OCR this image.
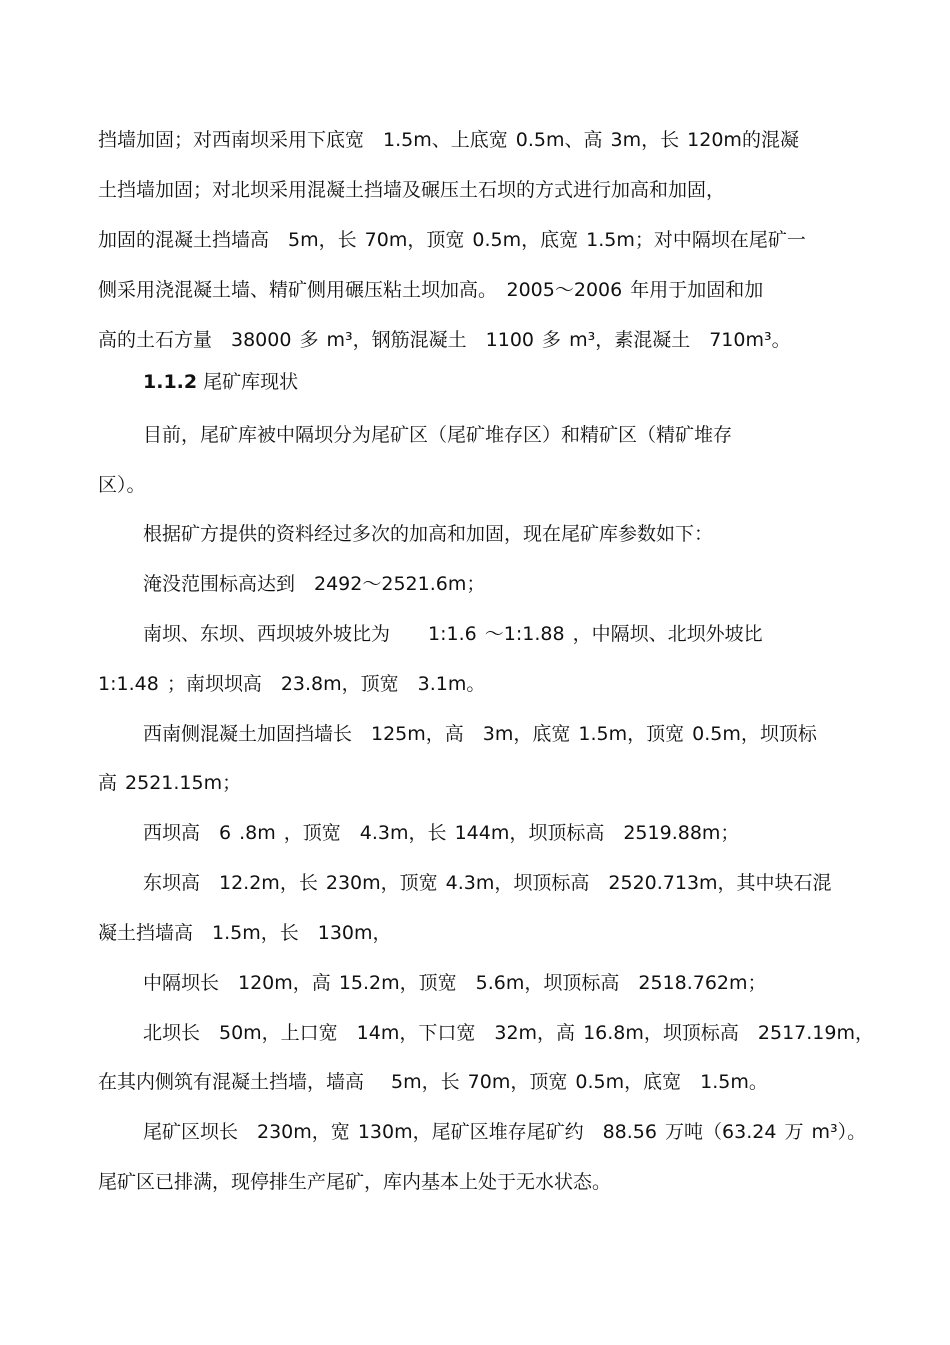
挡墙加固；对西南坝采用下底宽　1.5m、上底宽 0.5m、高 3m，长 120m的混凝
土挡墙加固；对北坝采用混凝土挡墙及碾压土石坝的方式进行加高和加固，
加固的混凝土挡墙高　5m，长 70m，顶宽 0.5m，底宽 1.5m；对中隔坝在尾矿一
侧采用浇混凝土墙、精矿侧用碾压粘土坝加高。　2005～2006 年用于加固和加
高的土石方量　38000 多 m³，钢筋混凝土　1100 多 m³，素混凝土　710m³。
1.1.2 尾矿库现状
目前，尾矿库被中隔坝分为尾矿区（尾矿堆存区）和精矿区（精矿堆存
区）。
根据矿方提供的资料经过多次的加高和加固，现在尾矿库参数如下：
淹没范围标高达到　2492～2521.6m；
南坝、东坝、西坝坡外坡比为　　1:1.6 ～1:1.88 ，中隔坝、北坝外坡比
1:1.48 ；南坝坝高　23.8m，顶宽　3.1m。
西南侧混凝土加固挡墙长　125m，高　3m，底宽 1.5m，顶宽 0.5m，坝顶标
高 2521.15m；
西坝高　6 .8m ，顶宽　4.3m，长 144m，坝顶标高　2519.88m；
东坝高　12.2m，长 230m，顶宽 4.3m，坝顶标高　2520.713m，其中块石混
凝土挡墙高　1.5m，长　130m，
中隔坝长　120m，高 15.2m，顶宽　5.6m，坝顶标高　2518.762m；
北坝长　50m，上口宽　14m，下口宽　32m，高 16.8m，坝顶标高　2517.19m，
在其内侧筑有混凝土挡墙，墙高　 5m，长 70m，顶宽 0.5m，底宽　1.5m。
尾矿区坝长　230m，宽 130m，尾矿区堆存尾矿约　88.56 万吨（63.24 万 m³）。
尾矿区已排满，现停排生产尾矿，库内基本上处于无水状态。
